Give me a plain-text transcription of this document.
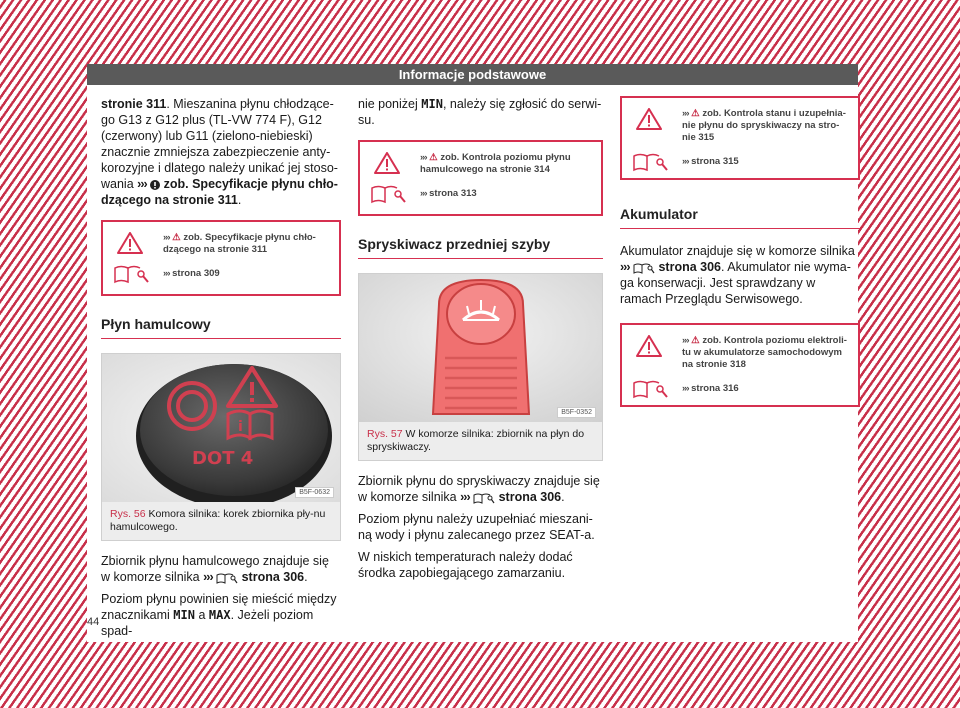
Informacje podstawowe

stronie 311. Mieszanina płynu chłodzące-go G13 z G12 plus (TL-VW 774 F), G12 (czerwony) lub G11 (zielono-niebieski) znacznie zmniejsza zabezpieczenie anty-korozyjne i dlatego należy unikać jej stoso-wania ››› zob. Specyfikacje płynu chło-dzącego na stronie 311.

››› ⚠ zob. Specyfikacje płynu chło-dzącego na stronie 311

››› strona 309

Płyn hamulcowy
i
DOT 4
B5F-0632
Rys. 56 Komora silnika: korek zbiornika pły-nu hamulcowego.

Zbiornik płynu hamulcowego znajduje się w komorze silnika ››› strona 306.

Poziom płynu powinien się mieścić między znacznikami MIN a MAX. Jeżeli poziom spad-

nie poniżej MIN, należy się zgłosić do serwi-su.

››› ⚠ zob. Kontrola poziomu płynu hamulcowego na stronie 314

››› strona 313

Spryskiwacz przedniej szyby
B5F-0352
Rys. 57 W komorze silnika: zbiornik na płyn do spryskiwaczy.

Zbiornik płynu do spryskiwaczy znajduje się w komorze silnika ››› strona 306.

Poziom płynu należy uzupełniać mieszani-ną wody i płynu zalecanego przez SEAT-a.

W niskich temperaturach należy dodać środka zapobiegającego zamarzaniu.

››› ⚠ zob. Kontrola stanu i uzupełnia-nie płynu do spryskiwaczy na stro-nie 315

››› strona 315

Akumulator

Akumulator znajduje się w komorze silnika ››› strona 306. Akumulator nie wyma-ga konserwacji. Jest sprawdzany w ramach Przeglądu Serwisowego.

››› ⚠ zob. Kontrola poziomu elektroli-tu w akumulatorze samochodowym na stronie 318

››› strona 316

44
